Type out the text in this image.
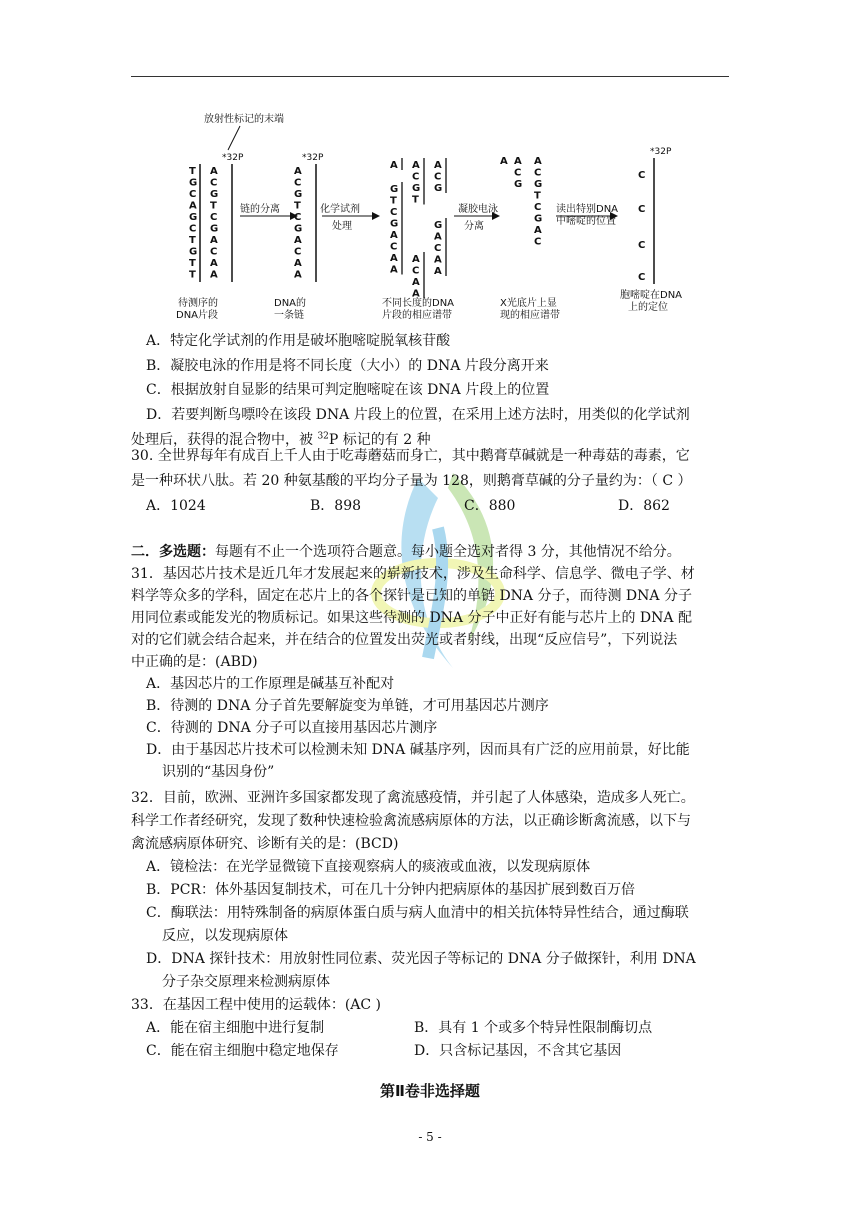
放射性标记的末端
*32P
T
G
C
A
G
C
T
G
T
T
A
C
G
T
C
G
A
C
A
A
待测序的
DNA片段
链的分离
*32P
A
C
G
T
C
G
A
C
A
A
DNA的
一条链
化学试剂
处理
A
G
T
C
G
A
C
A
A
A
C
G
T
A
C
A
A
A
C
G
G
A
C
A
A
不同长度的DNA
片段的相应谱带
凝胶电泳
分离
A A
C
G
A
C
G
T
C
G
A
C
X光底片上显
现的相应谱带
读出特别DNA
中嘧啶的位置
*32P
C
C
C
C
胞嘧啶在DNA
上的定位
A．特定化学试剂的作用是破坏胞嘧啶脱氧核苷酸
B．凝胶电泳的作用是将不同长度（大小）的 DNA 片段分离开来
C．根据放射自显影的结果可判定胞嘧啶在该 DNA 片段上的位置
D．若要判断鸟嘌呤在该段 DNA 片段上的位置，在采用上述方法时，用类似的化学试剂
处理后，获得的混合物中，被 $^{32}$P 标记的有 2 种
30. 全世界每年有成百上千人由于吃毒蘑菇而身亡，其中鹅膏草碱就是一种毒菇的毒素，它
是一种环状八肽。若 20 种氨基酸的平均分子量为 128，则鹅膏草碱的分子量约为：（ C ）
A．1024	B．898	C．880	D．862
二．多选题：每题有不止一个选项符合题意。每小题全选对者得 3 分，其他情况不给分。
31．基因芯片技术是近几年才发展起来的崭新技术，涉及生命科学、信息学、微电子学、材
料学等众多的学科，固定在芯片上的各个探针是已知的单链 DNA 分子，而待测 DNA 分子
用同位素或能发光的物质标记。如果这些待测的 DNA 分子中正好有能与芯片上的 DNA 配
对的它们就会结合起来，并在结合的位置发出荧光或者射线，出现“反应信号”，下列说法
中正确的是：(ABD)
A．基因芯片的工作原理是碱基互补配对
B．待测的 DNA 分子首先要解旋变为单链，才可用基因芯片测序
C．待测的 DNA 分子可以直接用基因芯片测序
D．由于基因芯片技术可以检测未知 DNA 碱基序列，因而具有广泛的应用前景，好比能
识别的“基因身份”
32．目前，欧洲、亚洲许多国家都发现了禽流感疫情，并引起了人体感染，造成多人死亡。
科学工作者经研究，发现了数种快速检验禽流感病原体的方法，以正确诊断禽流感，以下与
禽流感病原体研究、诊断有关的是：(BCD)
A．镜检法：在光学显微镜下直接观察病人的痰液或血液，以发现病原体
B．PCR：体外基因复制技术，可在几十分钟内把病原体的基因扩展到数百万倍
C．酶联法：用特殊制备的病原体蛋白质与病人血清中的相关抗体特异性结合，通过酶联
反应，以发现病原体
D．DNA 探针技术：用放射性同位素、荧光因子等标记的 DNA 分子做探针，利用 DNA
分子杂交原理来检测病原体
33．在基因工程中使用的运载体：(AC )
A．能在宿主细胞中进行复制	B．具有 1 个或多个特异性限制酶切点
C．能在宿主细胞中稳定地保存	D．只含标记基因，不含其它基因
第Ⅱ卷非选择题
- 5 -
